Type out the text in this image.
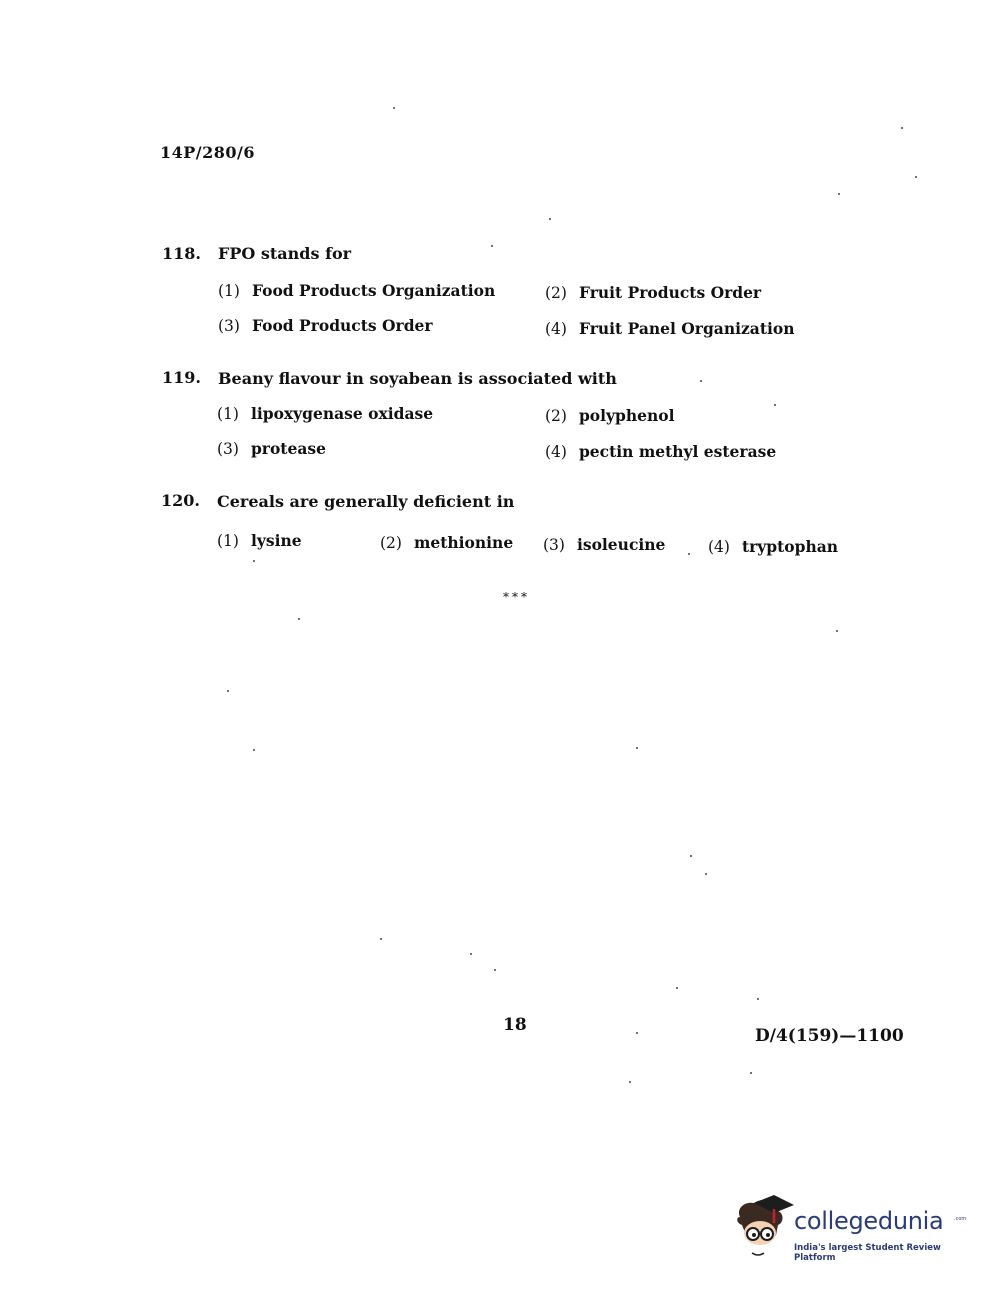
14P/280/6
118. FPO stands for
(1) Food Products Organization	(2) Fruit Products Order
(3) Food Products Order	(4) Fruit Panel Organization
119. Beany flavour in soyabean is associated with
(1) lipoxygenase oxidase	(2) polyphenol
(3) protease	(4) pectin methyl esterase
120. Cereals are generally deficient in
(1) lysine	(2) methionine (3) isoleucine	(4) tryptophan
***
18
D/4(159)—1100
collegedunia .com
India's largest Student Review Platform
